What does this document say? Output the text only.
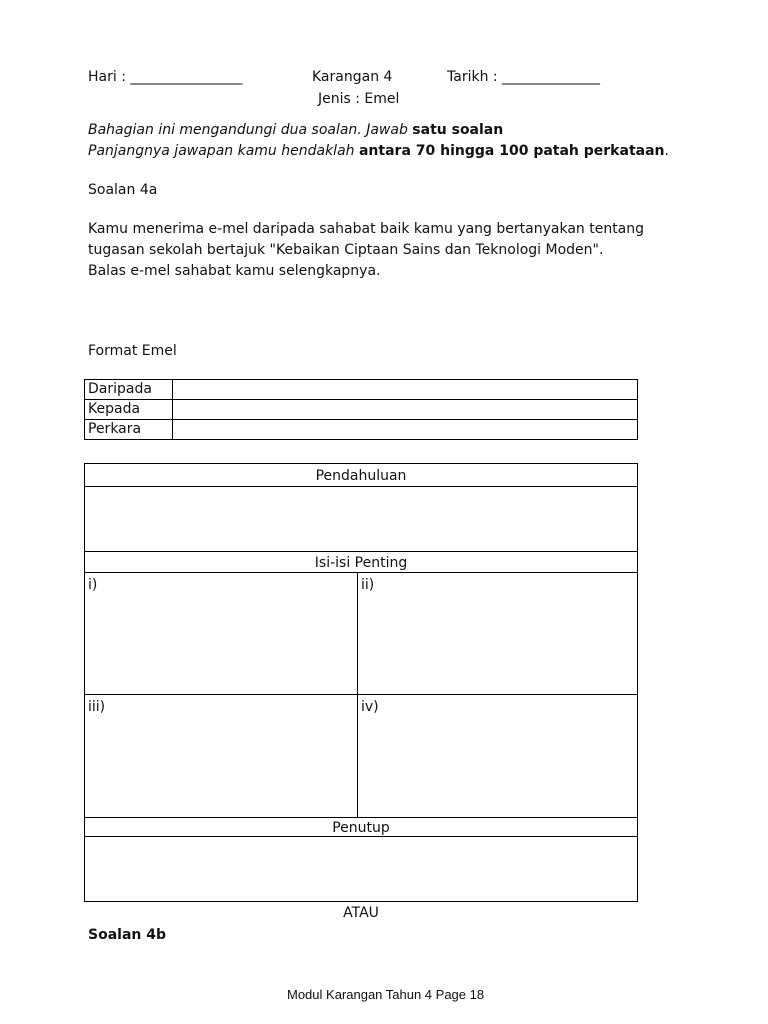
Hari : ________________	Karangan 4	Tarikh : ______________
Jenis : Emel
Bahagian ini mengandungi dua soalan. Jawab satu soalan
Panjangnya jawapan kamu hendaklah antara 70 hingga 100 patah perkataan.
Soalan 4a
Kamu menerima e-mel daripada sahabat baik kamu yang bertanyakan tentang
tugasan sekolah bertajuk "Kebaikan Ciptaan Sains dan Teknologi Moden".
Balas e-mel sahabat kamu selengkapnya.
Format Emel
Daripada
Kepada
Perkara
Pendahuluan
Isi-isi Penting
i)	ii)
iii)	iv)
Penutup
ATAU
Soalan 4b
Modul Karangan Tahun 4 Page 18
